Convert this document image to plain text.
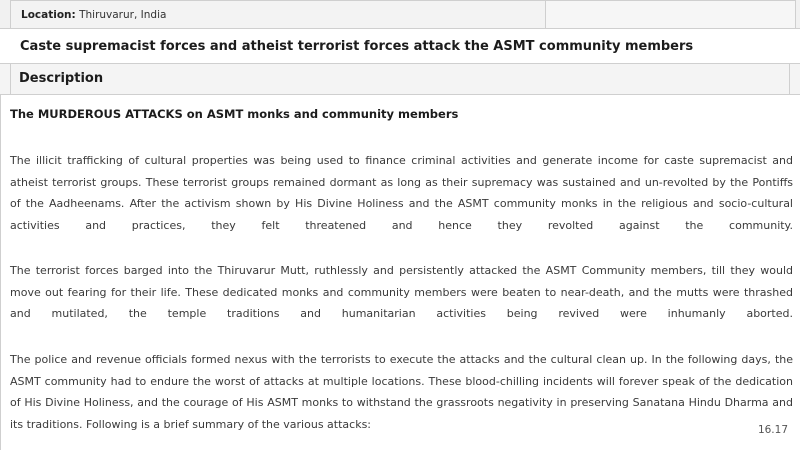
Location: Thiruvarur, India
Caste supremacist forces and atheist terrorist forces attack the ASMT community members
Description
The MURDEROUS ATTACKS on ASMT monks and community members

The illicit trafficking of cultural properties was being used to finance criminal activities and generate income for caste supremacist and atheist terrorist groups. These terrorist groups remained dormant as long as their supremacy was sustained and un-revolted by the Pontiffs of the Aadheenams. After the activism shown by His Divine Holiness and the ASMT community monks in the religious and socio-cultural activities and practices, they felt threatened and hence they revolted against the community.

The terrorist forces barged into the Thiruvarur Mutt, ruthlessly and persistently attacked the ASMT Community members, till they would move out fearing for their life. These dedicated monks and community members were beaten to near-death, and the mutts were thrashed and mutilated, the temple traditions and humanitarian activities being revived were inhumanly aborted.

The police and revenue officials formed nexus with the terrorists to execute the attacks and the cultural clean up. In the following days, the ASMT community had to endure the worst of attacks at multiple locations. These blood-chilling incidents will forever speak of the dedication of His Divine Holiness, and the courage of His ASMT monks to withstand the grassroots negativity in preserving Sanatana Hindu Dharma and its traditions. Following is a brief summary of the various attacks:	16.17
